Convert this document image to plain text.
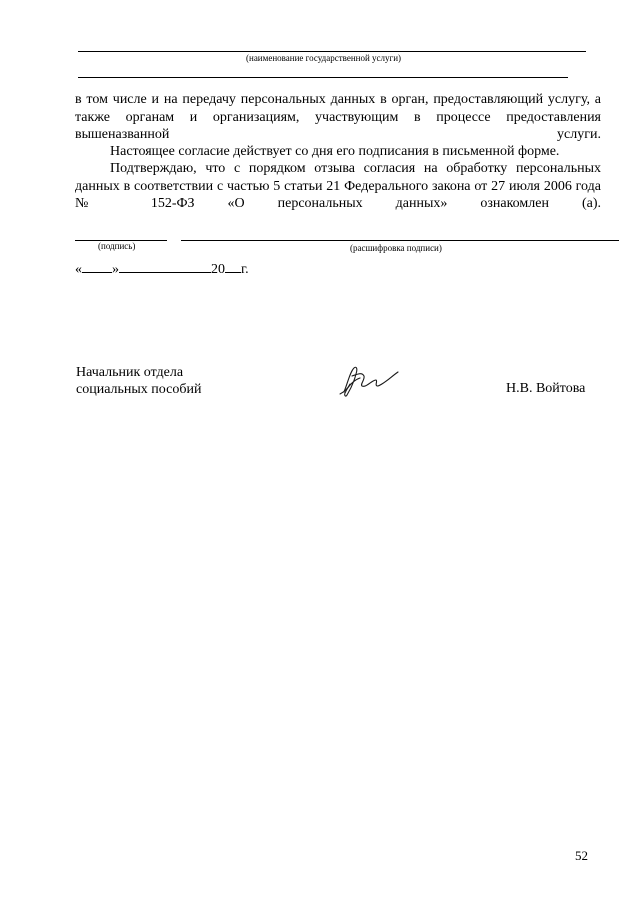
(наименование государственной услуги)
в том числе и на передачу персональных данных в орган, предоставляющий услугу, а также органам и организациям, участвующим в процессе предоставления вышеназванной услуги.
Настоящее согласие действует со дня его подписания в письменной форме.
Подтверждаю, что с порядком отзыва согласия на обработку персональных данных в соответствии с частью 5 статьи 21 Федерального закона от 27 июля 2006 года № 152-ФЗ «О персональных данных» ознакомлен (а).
(подпись)	(расшифровка подписи)
« »	20 г.
Начальник отдела
социальных пособий	Н.В. Войтова
52
